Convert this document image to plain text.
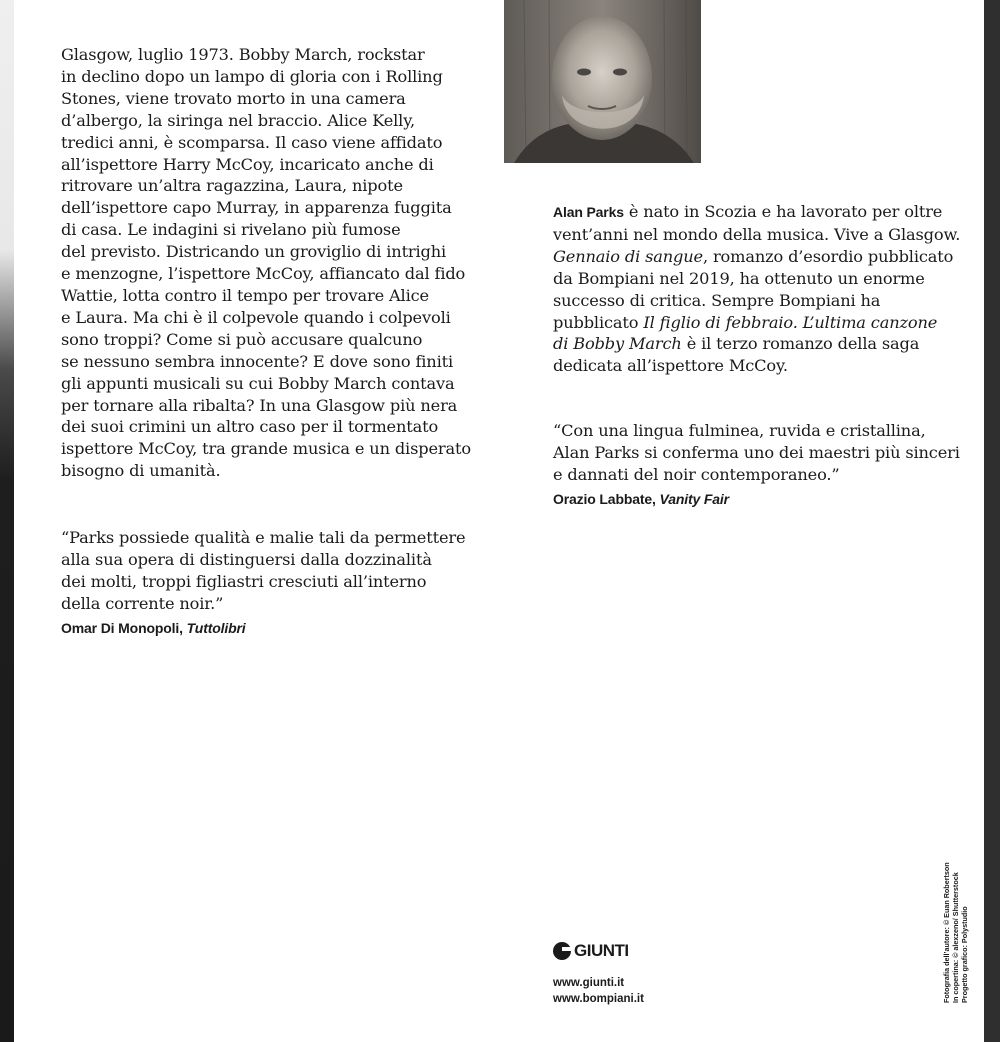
Glasgow, luglio 1973. Bobby March, rockstar
in declino dopo un lampo di gloria con i Rolling
Stones, viene trovato morto in una camera
d’albergo, la siringa nel braccio. Alice Kelly,
tredici anni, è scomparsa. Il caso viene affidato
all’ispettore Harry McCoy, incaricato anche di
ritrovare un’altra ragazzina, Laura, nipote
dell’ispettore capo Murray, in apparenza fuggita
di casa. Le indagini si rivelano più fumose
del previsto. Districando un groviglio di intrighi
e menzogne, l’ispettore McCoy, affiancato dal fido
Wattie, lotta contro il tempo per trovare Alice
e Laura. Ma chi è il colpevole quando i colpevoli
sono troppi? Come si può accusare qualcuno
se nessuno sembra innocente? E dove sono finiti
gli appunti musicali su cui Bobby March contava
per tornare alla ribalta? In una Glasgow più nera
dei suoi crimini un altro caso per il tormentato
ispettore McCoy, tra grande musica e un disperato
bisogno di umanità.
“Parks possiede qualità e malie tali da permettere
alla sua opera di distinguersi dalla dozzinalità
dei molti, troppi figliastri cresciuti all’interno
della corrente noir.”
Omar Di Monopoli, Tuttolibri
Alan Parks è nato in Scozia e ha lavorato per oltre
vent’anni nel mondo della musica. Vive a Glasgow.
Gennaio di sangue, romanzo d’esordio pubblicato
da Bompiani nel 2019, ha ottenuto un enorme
successo di critica. Sempre Bompiani ha
pubblicato Il figlio di febbraio. L’ultima canzone
di Bobby March è il terzo romanzo della saga
dedicata all’ispettore McCoy.
“Con una lingua fulminea, ruvida e cristallina,
Alan Parks si conferma uno dei maestri più sinceri
e dannati del noir contemporaneo.”
Orazio Labbate, Vanity Fair
GIUNTI
www.giunti.it
www.bompiani.it	Fotografia dell’autore: © Euan Robertson In copertina: © alexzeno/ Shutterstock Progetto grafico: Polystudio
